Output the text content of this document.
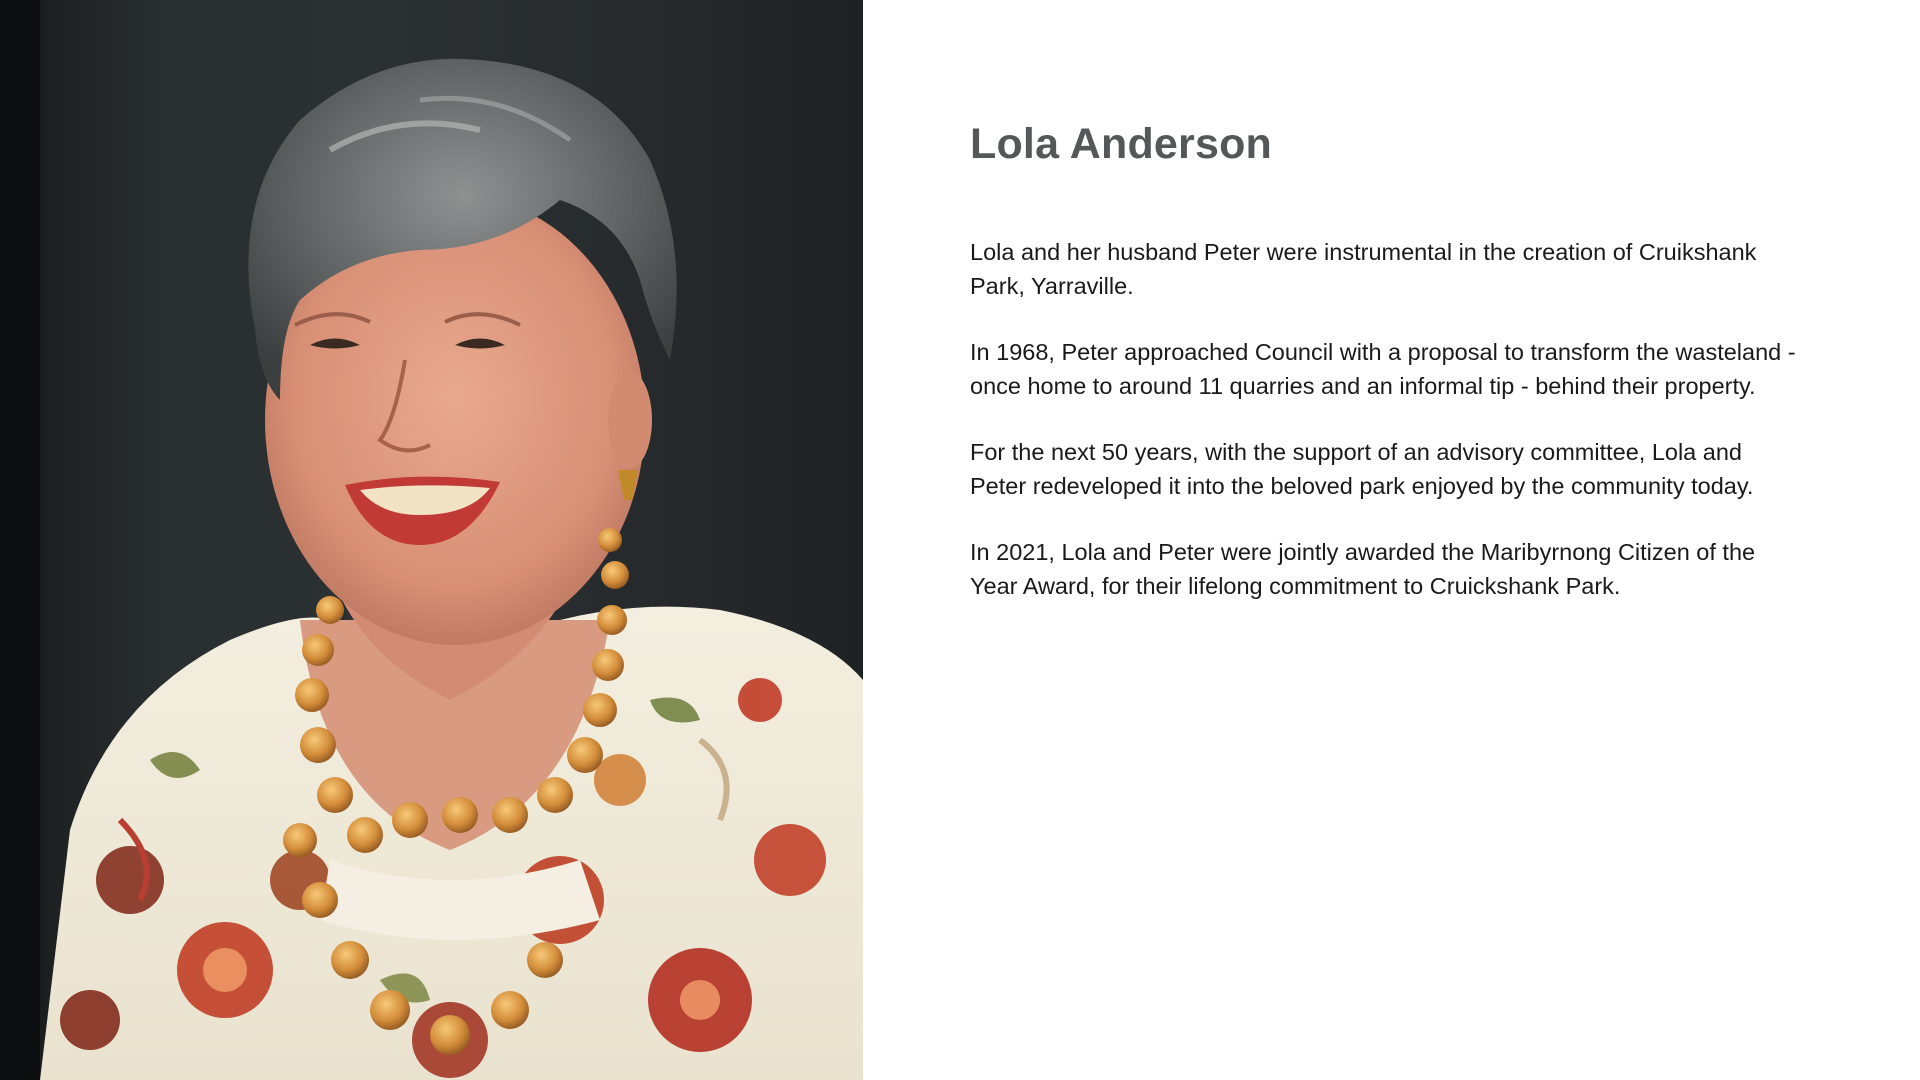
Lola Anderson

Lola and her husband Peter were instrumental in the creation of Cruikshank Park, Yarraville.

In 1968, Peter approached Council with a proposal to transform the wasteland - once home to around 11 quarries and an informal tip - behind their property.

For the next 50 years, with the support of an advisory committee, Lola and Peter redeveloped it into the beloved park enjoyed by the community today.

In 2021, Lola and Peter were jointly awarded the Maribyrnong Citizen of the Year Award, for their lifelong commitment to Cruickshank Park.
